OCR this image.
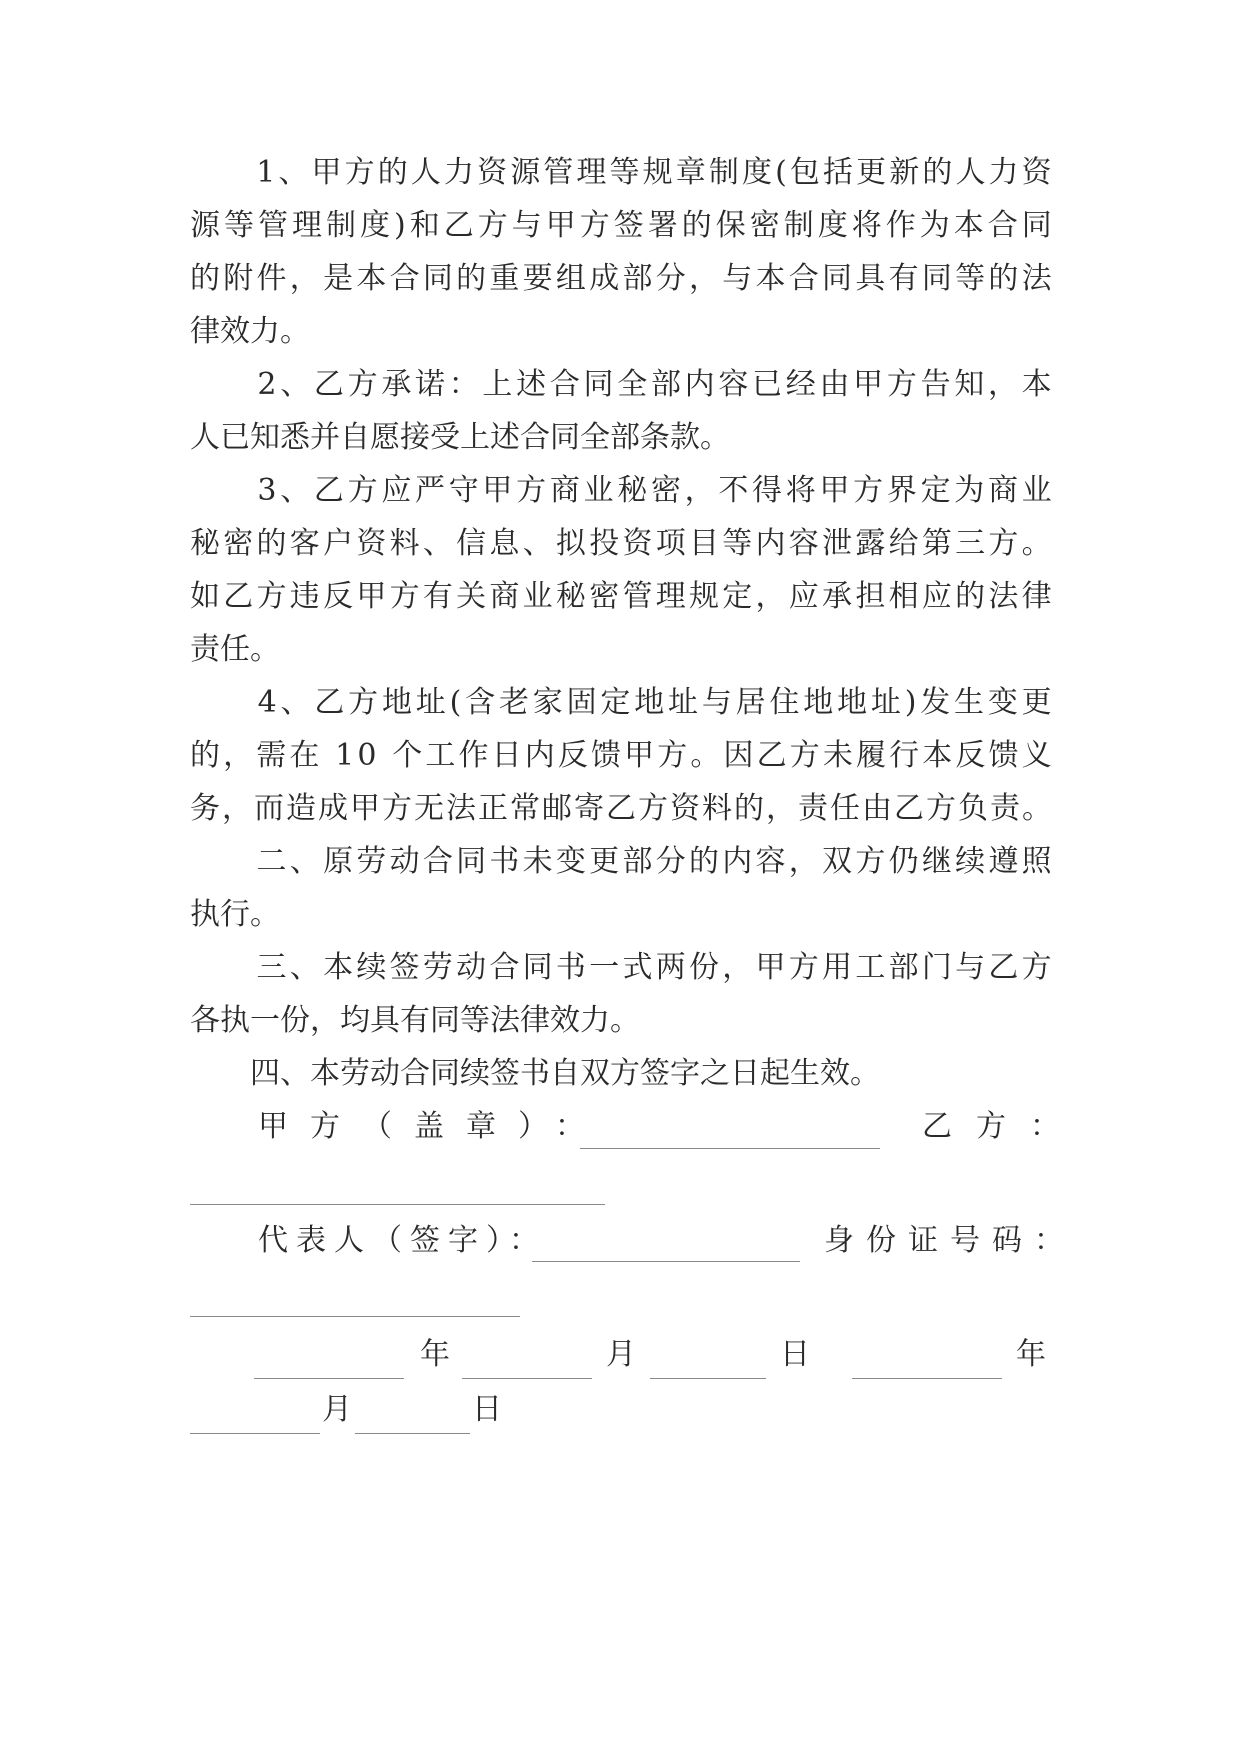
1 、 甲 方 的 人 力 资 源 管 理 等 规 章 制 度 ( 包 括 更 新 的 人 力 资

源 等 管 理 制 度 ) 和 乙 方 与 甲 方 签 署 的 保 密 制 度 将 作 为 本 合 同

的 附 件 ， 是 本 合 同 的 重 要 组 成 部 分 ， 与 本 合 同 具 有 同 等 的 法

律效力。

2 、 乙 方 承 诺 ： 上 述 合 同 全 部 内 容 已 经 由 甲 方 告 知 ， 本

人已知悉并自愿接受上述合同全部条款。

3 、 乙 方 应 严 守 甲 方 商 业 秘 密 ， 不 得 将 甲 方 界 定 为 商 业

秘 密 的 客 户 资 料 、 信 息 、 拟 投 资 项 目 等 内 容 泄 露 给 第 三 方 。

如 乙 方 违 反 甲 方 有 关 商 业 秘 密 管 理 规 定 ， 应 承 担 相 应 的 法 律

责任。

4 、 乙 方 地 址 ( 含 老 家 固 定 地 址 与 居 住 地 地 址 ) 发 生 变 更

的 ， 需 在
1 0
个 工 作 日 内 反 馈 甲 方 。 因 乙 方 未 履 行 本 反 馈 义

务 ， 而 造 成 甲 方 无 法 正 常 邮 寄 乙 方 资 料 的 ， 责 任 由 乙 方 负 责 。

二 、 原 劳 动 合 同 书 未 变 更 部 分 的 内 容 ， 双 方 仍 继 续 遵 照

执行。

三 、 本 续 签 劳 动 合 同 书 一 式 两 份 ， 甲 方 用 工 部 门 与 乙 方

各执一份，均具有同等法律效力。

　　四、本劳动合同续签书自双方签字之日起生效。

甲方（盖章）：	乙方：
代表人（签字）：	身份证号码：
年	月	日	年
月	日
